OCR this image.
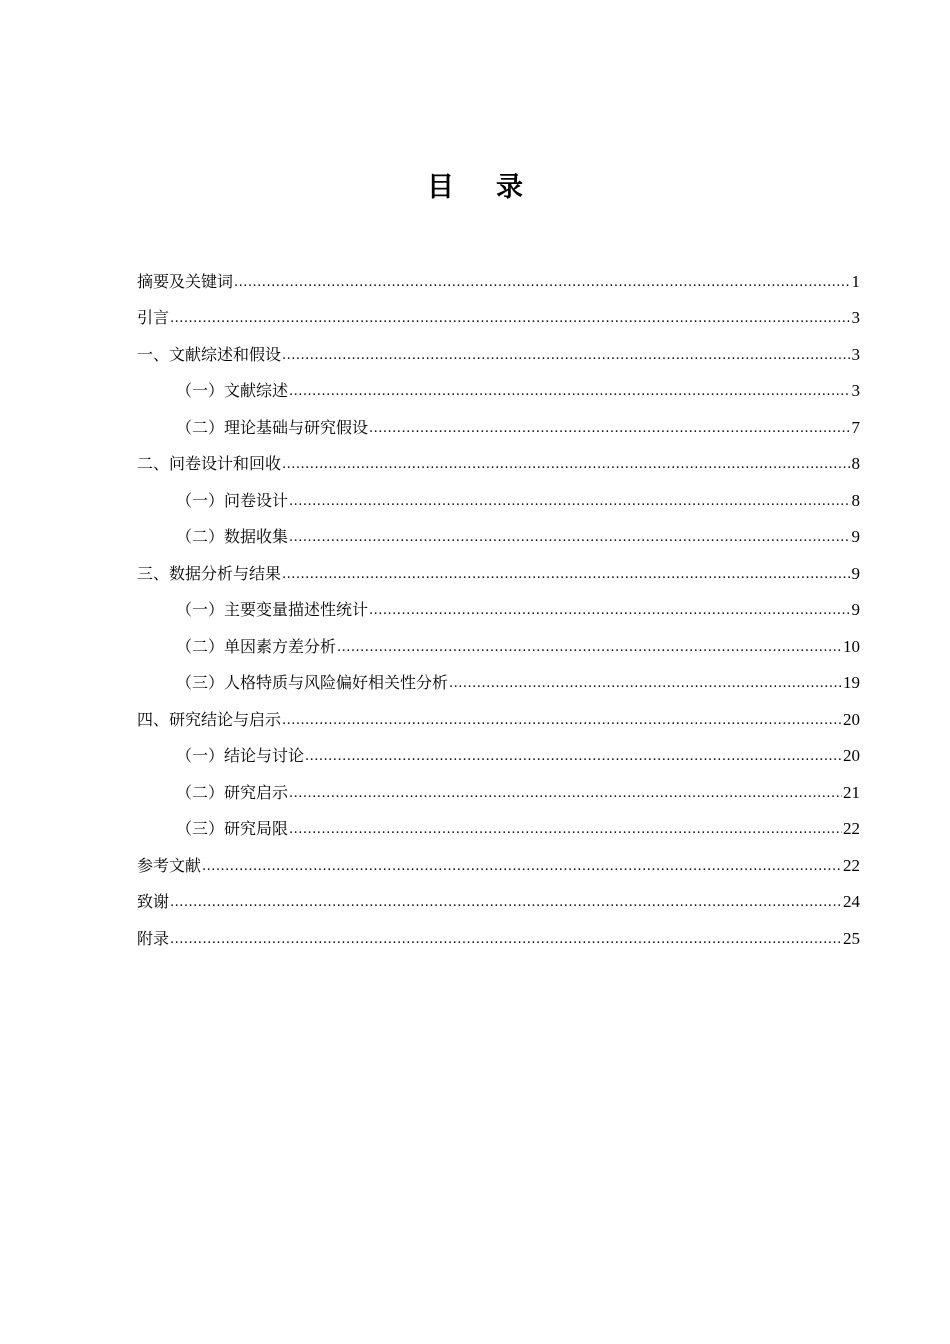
目 录
摘要及关键词 .....	1
引言 .....	3
一、文献综述和假设 .....	3
（一）文献综述 .....	3
（二）理论基础与研究假设 .....	7
二、问卷设计和回收 .....	8
（一）问卷设计 .....	8
（二）数据收集 .....	9
三、数据分析与结果 .....	9
（一）主要变量描述性统计 .....	9
（二）单因素方差分析 .....	10
（三）人格特质与风险偏好相关性分析 .....	19
四、研究结论与启示 .....	20
（一）结论与讨论 .....	20
（二）研究启示 .....	21
（三）研究局限 .....	22
参考文献 .....	22
致谢 .....	24
附录 .....	25
